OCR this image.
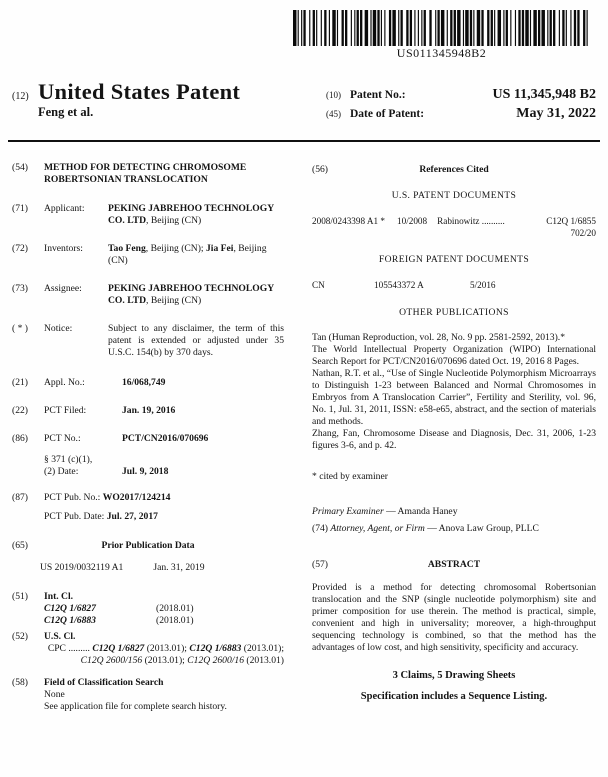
US011345948B2
(12) United States Patent
Feng et al.
(10) Patent No.:	US 11,345,948 B2
(45) Date of Patent:	May 31, 2022
(54)	METHOD FOR DETECTING CHROMOSOME ROBERTSONIAN TRANSLOCATION
(71)	Applicant:	PEKING JABREHOO TECHNOLOGY CO. LTD, Beijing (CN)
(72)	Inventors:	Tao Feng, Beijing (CN); Jia Fei, Beijing (CN)
(73)	Assignee:	PEKING JABREHOO TECHNOLOGY CO. LTD, Beijing (CN)
( * )	Notice:	Subject to any disclaimer, the term of this patent is extended or adjusted under 35 U.S.C. 154(b) by 370 days.
(21)	Appl. No.:	16/068,749
(22)	PCT Filed:	Jan. 19, 2016
(86)	PCT No.:	PCT/CN2016/070696
§ 371 (c)(1),
(2) Date:	Jul. 9, 2018
(87)	PCT Pub. No.: WO2017/124214
PCT Pub. Date: Jul. 27, 2017
(65)	Prior Publication Data
US 2019/0032119 A1	Jan. 31, 2019
(51)	Int. Cl.
C12Q 1/6827	(2018.01)
C12Q 1/6883	(2018.01)
(52)	U.S. Cl.
CPC ......... C12Q 1/6827 (2013.01); C12Q 1/6883 (2013.01); C12Q 2600/156 (2013.01); C12Q 2600/16 (2013.01)
(58)	Field of Classification Search
None
See application file for complete search history.
(56)	References Cited
U.S. PATENT DOCUMENTS
2008/0243398 A1 * 10/2008 Rabinowitz ..........	C12Q 1/6855
702/20
FOREIGN PATENT DOCUMENTS
CN	105543372 A	5/2016
OTHER PUBLICATIONS

Tan (Human Reproduction, vol. 28, No. 9 pp. 2581-2592, 2013).*

The World Intellectual Property Organization (WIPO) International Search Report for PCT/CN2016/070696 dated Oct. 19, 2016 8 Pages.

Nathan, R.T. et al., “Use of Single Nucleotide Polymorphism Microarrays to Distinguish 1-23 between Balanced and Normal Chromosomes in Embryos from A Translocation Carrier”, Fertility and Sterility, vol. 96, No. 1, Jul. 31, 2011, ISSN: e58-e65, abstract, and the section of materials and methods.

Zhang, Fan, Chromosome Disease and Diagnosis, Dec. 31, 2006, 1-23 figures 3-6, and p. 42.

* cited by examiner
Primary Examiner — Amanda Haney
(74) Attorney, Agent, or Firm — Anova Law Group, PLLC
(57)	ABSTRACT
Provided is a method for detecting chromosomal Robertsonian translocation and the SNP (single nucleotide polymorphism) site and primer composition for use therein. The method is practical, simple, convenient and high in universality; moreover, a high-throughput sequencing technology is combined, so that the method has the advantages of low cost, and high sensitivity, specificity and accuracy.
3 Claims, 5 Drawing Sheets
Specification includes a Sequence Listing.
